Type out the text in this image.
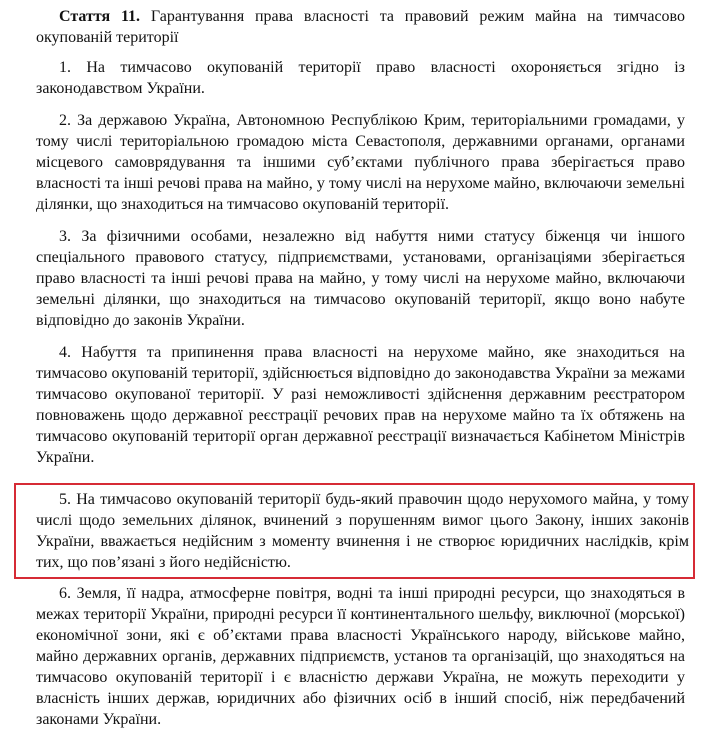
Стаття 11. Гарантування права власності та правовий режим майна на тимчасово окупованій території

1. На тимчасово окупованій території право власності охороняється згідно із законодавством України.

2. За державою Україна, Автономною Республікою Крим, територіальними громадами, у тому числі територіальною громадою міста Севастополя, державними органами, органами місцевого самоврядування та іншими суб’єктами публічного права зберігається право власності та інші речові права на майно, у тому числі на нерухоме майно, включаючи земельні ділянки, що знаходиться на тимчасово окупованій території.

3. За фізичними особами, незалежно від набуття ними статусу біженця чи іншого спеціального правового статусу, підприємствами, установами, організаціями зберігається право власності та інші речові права на майно, у тому числі на нерухоме майно, включаючи земельні ділянки, що знаходиться на тимчасово окупованій території, якщо воно набуте відповідно до законів України.

4. Набуття та припинення права власності на нерухоме майно, яке знаходиться на тимчасово окупованій території, здійснюється відповідно до законодавства України за межами тимчасово окупованої території. У разі неможливості здійснення державним реєстратором повноважень щодо державної реєстрації речових прав на нерухоме майно та їх обтяжень на тимчасово окупованій території орган державної реєстрації визначається Кабінетом Міністрів України.

5. На тимчасово окупованій території будь-який правочин щодо нерухомого майна, у тому числі щодо земельних ділянок, вчинений з порушенням вимог цього Закону, інших законів України, вважається недійсним з моменту вчинення і не створює юридичних наслідків, крім тих, що пов’язані з його недійсністю.

6. Земля, її надра, атмосферне повітря, водні та інші природні ресурси, що знаходяться в межах території України, природні ресурси її континентального шельфу, виключної (морської) економічної зони, які є об’єктами права власності Українського народу, військове майно, майно державних органів, державних підприємств, установ та організацій, що знаходяться на тимчасово окупованій території і є власністю держави Україна, не можуть переходити у власність інших держав, юридичних або фізичних осіб в інший спосіб, ніж передбачений законами України.
